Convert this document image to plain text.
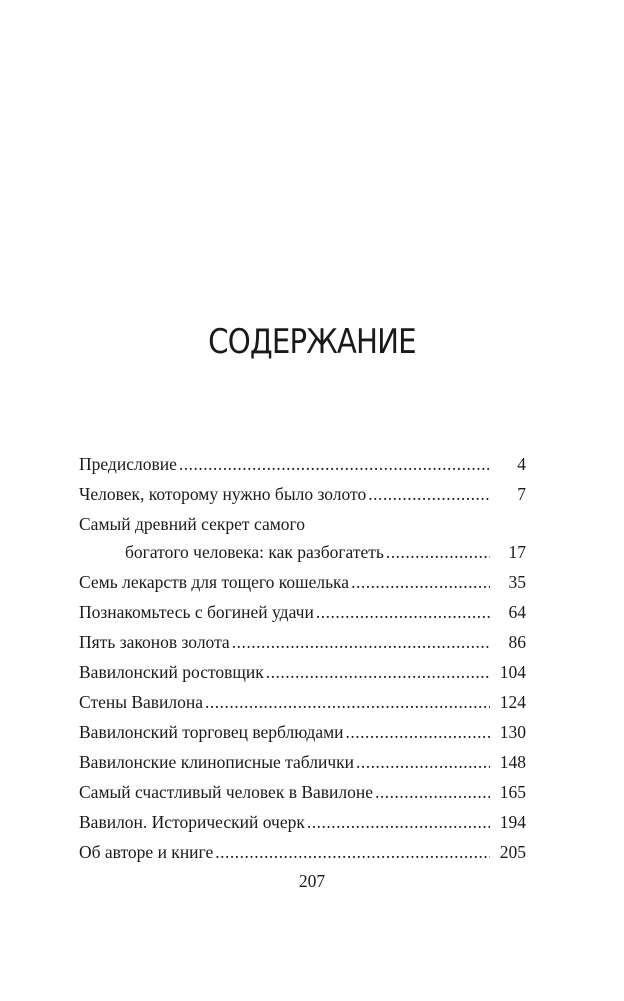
СОДЕРЖАНИЕ
Предисловие .....	4
Человек, которому нужно было золото .....	7
Самый древний секрет самого
богатого человека: как разбогатеть .....	17
Семь лекарств для тощего кошелька .....	35
Познакомьтесь с богиней удачи .....	64
Пять законов золота .....	86
Вавилонский ростовщик .....	104
Стены Вавилона .....	124
Вавилонский торговец верблюдами .....	130
Вавилонские клинописные таблички .....	148
Самый счастливый человек в Вавилоне .....	165
Вавилон. Исторический очерк .....	194
Об авторе и книге .....	205
207
